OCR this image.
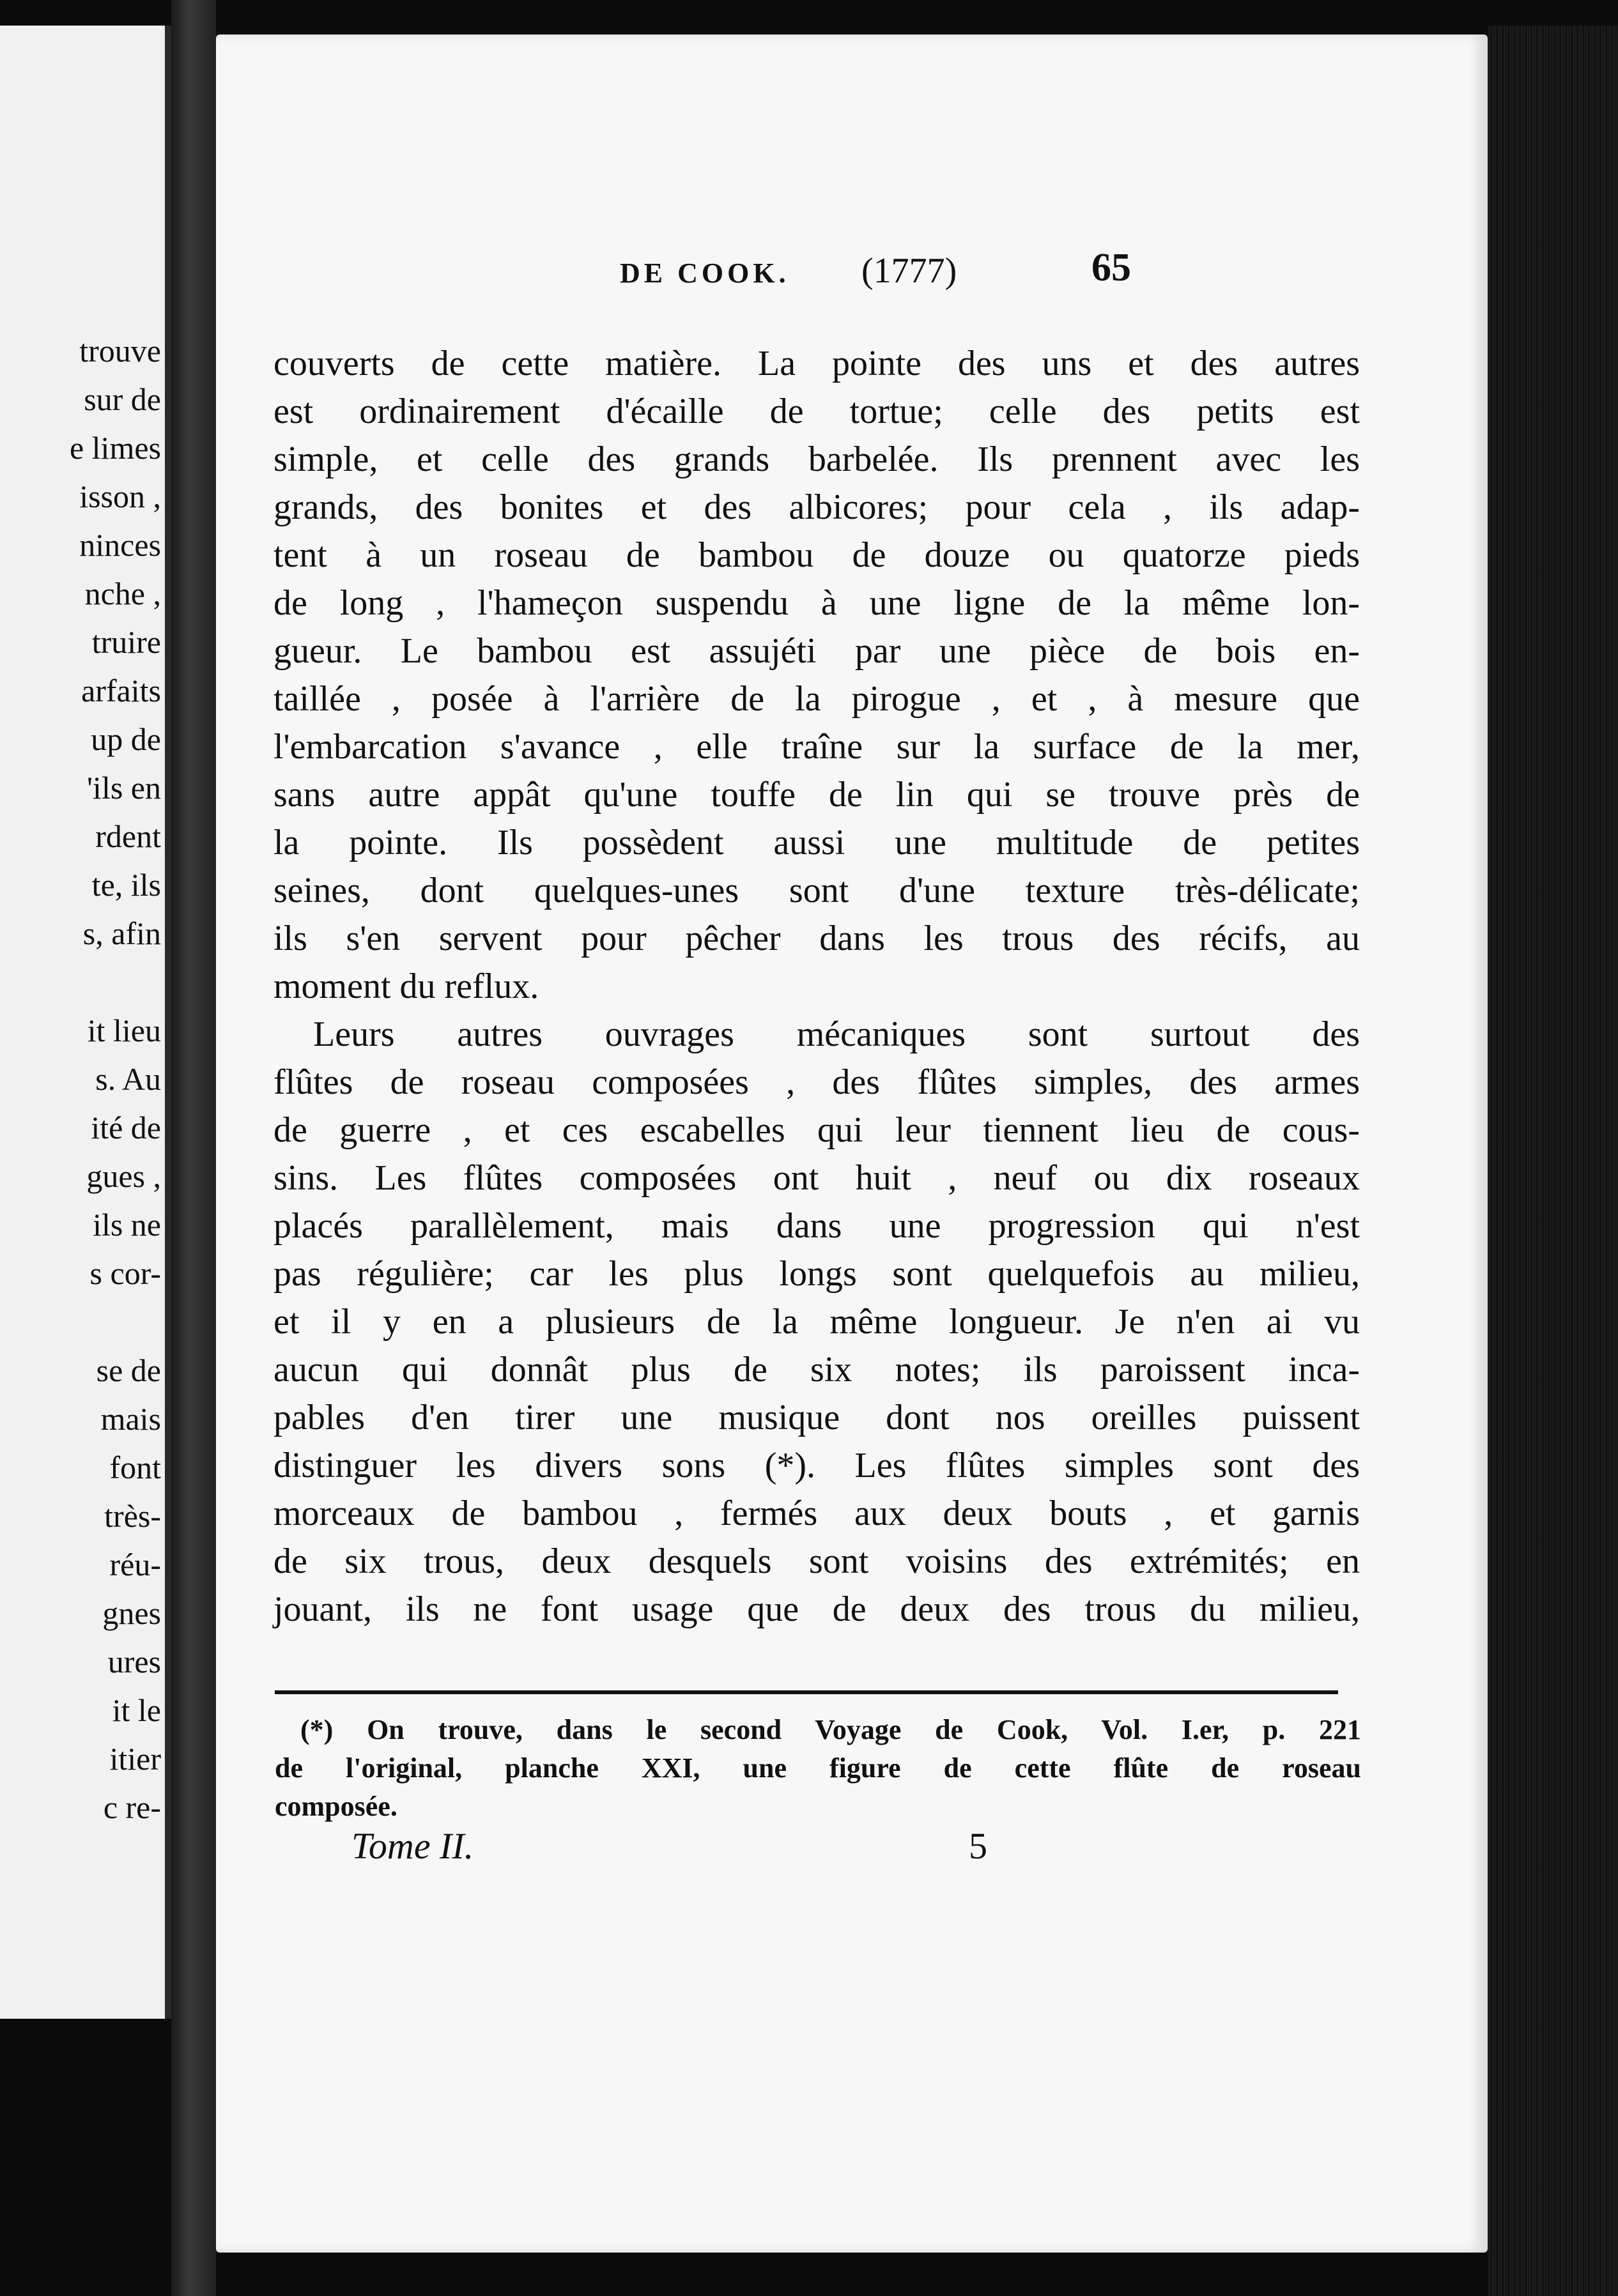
trouve
sur de
e limes
isson ,
ninces
nche ,
truire
arfaits
up de
'ils en
rdent
te, ils
s, afin
it lieu
s. Au
ité de
gues ,
ils ne
s cor-
se de
mais
font
très-
réu-
gnes
ures
it le
itier
c re-
DE COOK. (1777)	65
couverts de cette matière. La pointe des uns et des autres
est ordinairement d'écaille de tortue; celle des petits est
simple, et celle des grands barbelée. Ils prennent avec les
grands, des bonites et des albicores; pour cela , ils adap-
tent à un roseau de bambou de douze ou quatorze pieds
de long , l'hameçon suspendu à une ligne de la même lon-
gueur. Le bambou est assujéti par une pièce de bois en-
taillée , posée à l'arrière de la pirogue , et , à mesure que
l'embarcation s'avance , elle traîne sur la surface de la mer,
sans autre appât qu'une touffe de lin qui se trouve près de
la pointe. Ils possèdent aussi une multitude de petites
seines, dont quelques-unes sont d'une texture très-délicate;
ils s'en servent pour pêcher dans les trous des récifs, au
moment du reflux.
Leurs autres ouvrages mécaniques sont surtout des
flûtes de roseau composées , des flûtes simples, des armes
de guerre , et ces escabelles qui leur tiennent lieu de cous-
sins. Les flûtes composées ont huit , neuf ou dix roseaux
placés parallèlement, mais dans une progression qui n'est
pas régulière; car les plus longs sont quelquefois au milieu,
et il y en a plusieurs de la même longueur. Je n'en ai vu
aucun qui donnât plus de six notes; ils paroissent inca-
pables d'en tirer une musique dont nos oreilles puissent
distinguer les divers sons (*). Les flûtes simples sont des
morceaux de bambou , fermés aux deux bouts , et garnis
de six trous, deux desquels sont voisins des extrémités; en
jouant, ils ne font usage que de deux des trous du milieu,
(*) On trouve, dans le second Voyage de Cook, Vol. I.er, p. 221
de l'original, planche XXI, une figure de cette flûte de roseau
composée.
Tome II.	5
